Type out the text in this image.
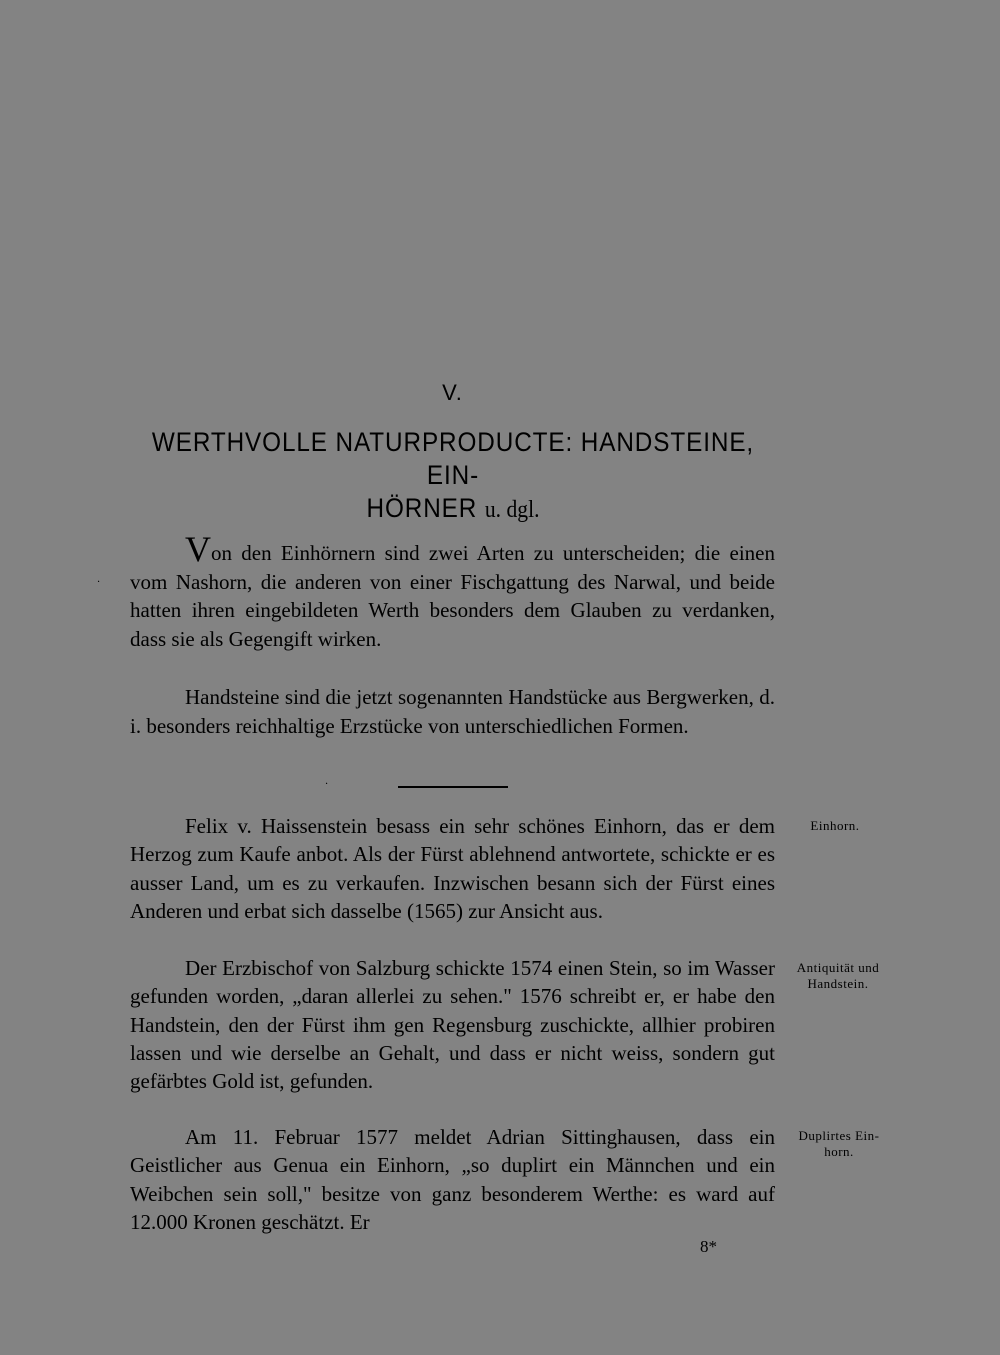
V.
WERTHVOLLE NATURPRODUCTE: HANDSTEINE, EIN-
HÖRNER u. dgl.
Von den Einhörnern sind zwei Arten zu unterscheiden; die einen vom Nashorn, die anderen von einer Fischgattung des Narwal, und beide hatten ihren eingebildeten Werth besonders dem Glauben zu verdanken, dass sie als Gegengift wirken.
Handsteine sind die jetzt sogenannten Handstücke aus Bergwerken, d. i. besonders reichhaltige Erzstücke von unterschiedlichen Formen.
Felix v. Haissenstein besass ein sehr schönes Einhorn, das er dem Herzog zum Kaufe anbot. Als der Fürst ablehnend antwortete, schickte er es ausser Land, um es zu verkaufen. Inzwischen besann sich der Fürst eines Anderen und erbat sich dasselbe (1565) zur Ansicht aus.
Einhorn.
Der Erzbischof von Salzburg schickte 1574 einen Stein, so im Wasser gefunden worden, „daran allerlei zu sehen." 1576 schreibt er, er habe den Handstein, den der Fürst ihm gen Regensburg zuschickte, allhier probiren lassen und wie derselbe an Gehalt, und dass er nicht weiss, sondern gut gefärbtes Gold ist, gefunden.
Antiquität und
Handstein.
Am 11. Februar 1577 meldet Adrian Sittinghausen, dass ein Geistlicher aus Genua ein Einhorn, „so duplirt ein Männchen und ein Weibchen sein soll," besitze von ganz besonderem Werthe: es ward auf 12.000 Kronen geschätzt. Er
Duplirtes Ein-
horn.
8*
·
·
